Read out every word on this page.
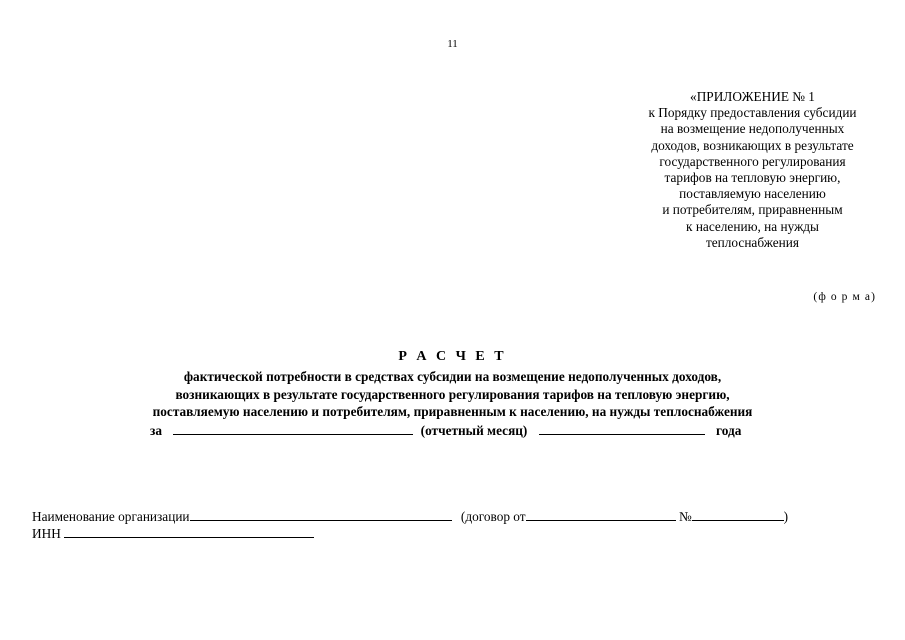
11
«ПРИЛОЖЕНИЕ № 1
к Порядку предоставления субсидии
на возмещение недополученных
доходов, возникающих в результате
государственного регулирования
тарифов на тепловую энергию,
поставляемую населению
и потребителям, приравненным
к населению, на нужды
теплоснабжения
(ф о р м а)
Р А С Ч Е Т
фактической потребности в средствах субсидии на возмещение недополученных доходов,
возникающих в результате государственного регулирования тарифов на тепловую энергию,
поставляемую населению и потребителям, приравненным к населению, на нужды теплоснабжения
за	(отчетный месяц)	года
Наименование организации	(договор от	№	)
ИНН
